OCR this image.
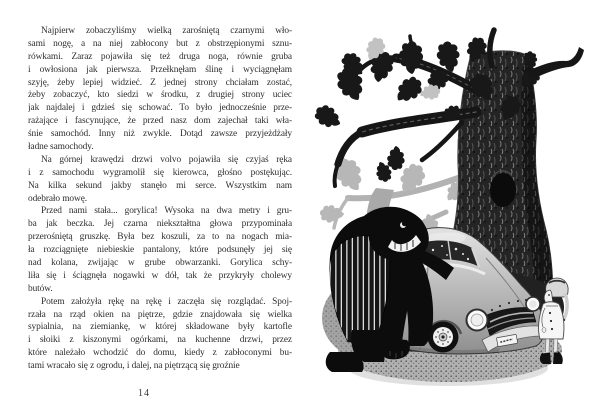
Najpierw zobaczyliśmy wielką zarośniętą czarnymi wło-
sami nogę, a na niej zabłocony but z obstrzępionymi sznu-
rówkami. Zaraz pojawiła się też druga noga, równie gruba
i owłosiona jak pierwsza. Przełknęłam ślinę i wyciągnęłam
szyję, żeby lepiej widzieć. Z jednej strony chciałam zostać,
żeby zobaczyć, kto siedzi w środku, z drugiej strony uciec
jak najdalej i gdzieś się schować. To było jednocześnie prze-
rażające i fascynujące, że przed nasz dom zajechał taki wła-
śnie samochód. Inny niż zwykle. Dotąd zawsze przyjeżdżały
ładne samochody.
Na górnej krawędzi drzwi volvo pojawiła się czyjaś ręka
i z samochodu wygramolił się kierowca, głośno postękując.
Na kilka sekund jakby stanęło mi serce. Wszystkim nam
odebrało mowę.
Przed nami stała... gorylica! Wysoka na dwa metry i gru-
ba jak beczka. Jej czarna niekształtna głowa przypominała
przerośniętą gruszkę. Była bez koszuli, za to na nogach mia-
ła rozciągnięte niebieskie pantalony, które podsunęły jej się
nad kolana, zwijając w grube obwarzanki. Gorylica schy-
liła się i ściągnęła nogawki w dół, tak że przykryły cholewy
butów.
Potem założyła rękę na rękę i zaczęła się rozglądać. Spoj-
rzała na rząd okien na piętrze, gdzie znajdowała się wielka
sypialnia, na ziemiankę, w której składowane były kartofle
i słoiki z kiszonymi ogórkami, na kuchenne drzwi, przez
które należało wchodzić do domu, kiedy z zabłoconymi bu-
tami wracało się z ogrodu, i dalej, na piętrzącą się groźnie
14
